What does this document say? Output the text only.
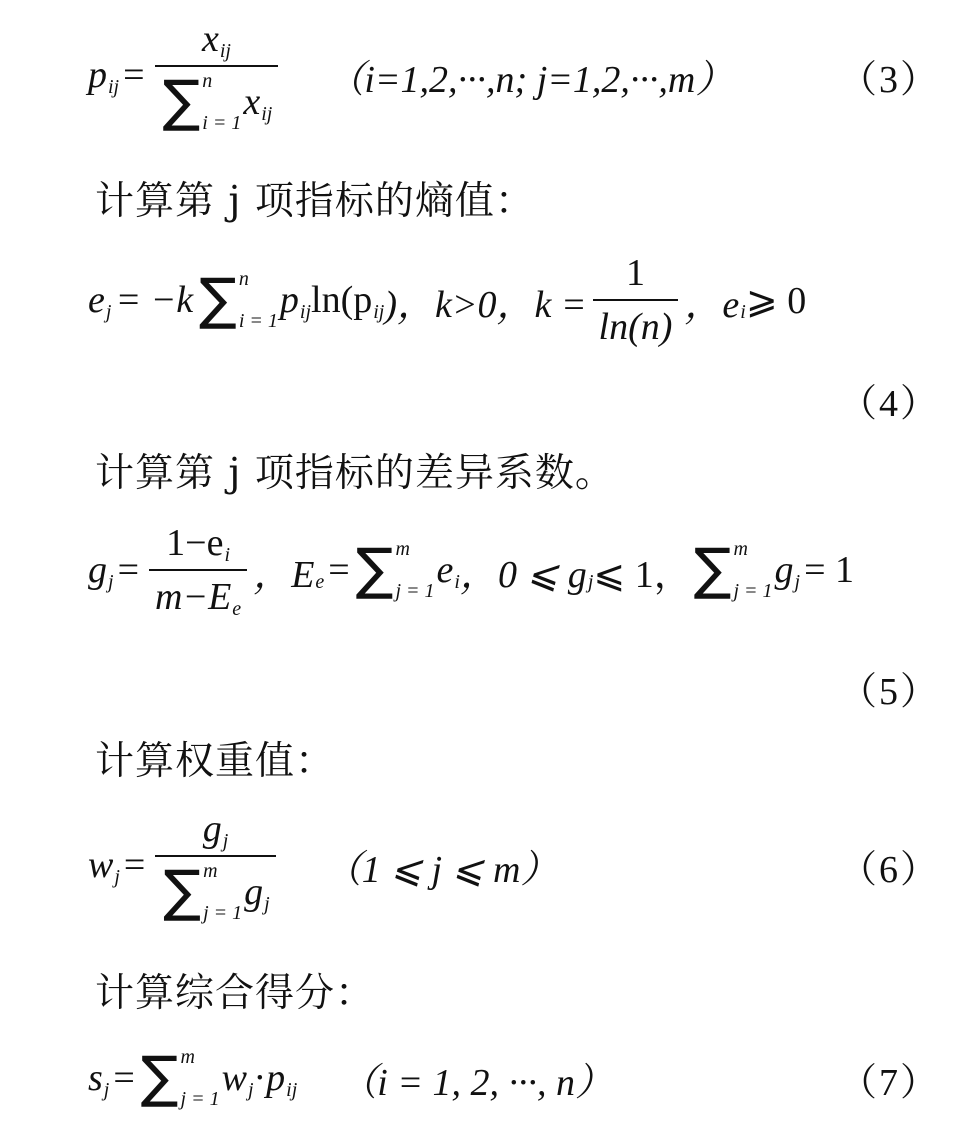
p ij =
x ij
∑ n
i = 1 x ij
（i=1,2,···,n; j=1,2,···,m）	（3）
计算第 j 项指标的熵值：
e j = −k ∑ n
i = 1 p ij ln(p ij )，k>0，$k = \frac{1}{\ln(n)}$ ，e i ⩾ 0
（4）
计算第 j 项指标的差异系数。
g $j = \frac{\text{1−e i}}{\text{m−E e}}$ ，E e = ∑ m
j = 1 e i ，0 ⩽ g j ⩽ 1， ∑ m
j = 1 g j = 1
（5）
计算权重值：
w j =
g j
∑ m
j = 1 g j
（1 ⩽ j ⩽ m）	（6）
计算综合得分：
s j = ∑ m
j = 1 w j · p ij （i = 1, 2, ···, n）	（7）
